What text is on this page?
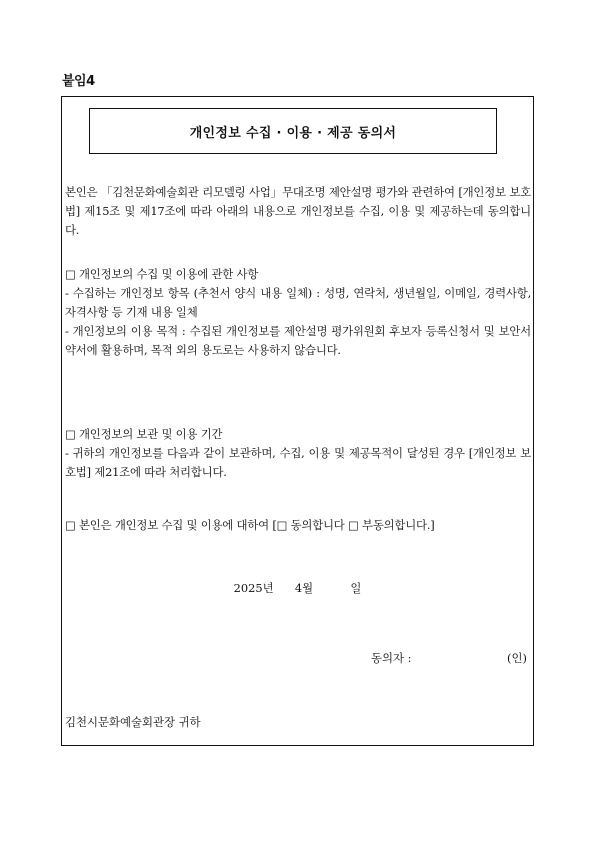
붙임4
개인정보 수집 · 이용 · 제공 동의서

본인은 「김천문화예술회관 리모델링 사업」무대조명 제안설명 평가와 관련하여 [개인정보 보호법] 제15조 및 제17조에 따라 아래의 내용으로 개인정보를 수집, 이용 및 제공하는데 동의합니다.

□ 개인정보의 수집 및 이용에 관한 사항

- 수집하는 개인정보 항목 (추천서 양식 내용 일체) : 성명, 연락처, 생년월일, 이메일, 경력사항, 자격사항 등 기재 내용 일체

- 개인정보의 이용 목적 : 수집된 개인정보를 제안설명 평가위원회 후보자 등록신청서 및 보안서약서에 활용하며, 목적 외의 용도로는 사용하지 않습니다.

□ 개인정보의 보관 및 이용 기간

- 귀하의 개인정보를 다음과 같이 보관하며, 수집, 이용 및 제공목적이 달성된 경우 [개인정보 보호법] 제21조에 따라 처리합니다.

□ 본인은 개인정보 수집 및 이용에 대하여 [□ 동의합니다 □ 부동의합니다.]

2025년 4월	일
동의자 :	(인)
김천시문화예술회관장 귀하
